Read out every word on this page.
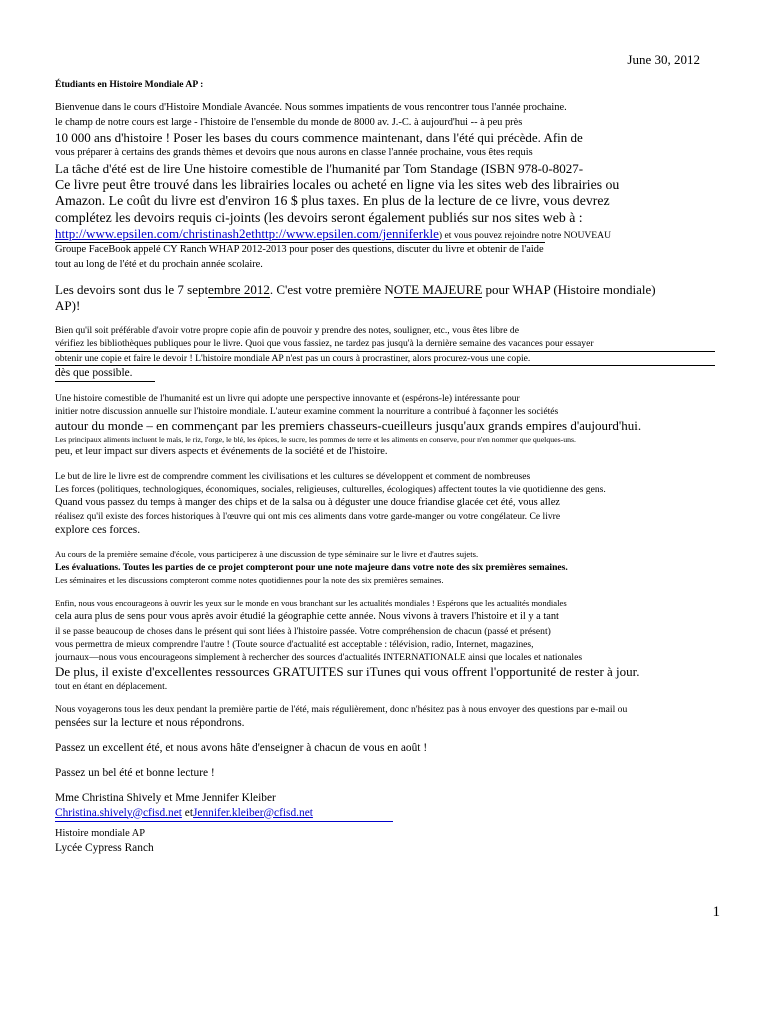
June 30, 2012
Étudiants en Histoire Mondiale AP :
Bienvenue dans le cours d'Histoire Mondiale Avancée. Nous sommes impatients de vous rencontrer tous l'année prochaine.
le champ de notre cours est large - l'histoire de l'ensemble du monde de 8000 av. J.-C. à aujourd'hui -- à peu près
10 000 ans d'histoire ! Poser les bases du cours commence maintenant, dans l'été qui précède. Afin de
vous préparer à certains des grands thèmes et devoirs que nous aurons en classe l'année prochaine, vous êtes requis
La tâche d'été est de lire Une histoire comestible de l'humanité par Tom Standage (ISBN 978-0-8027-
Ce livre peut être trouvé dans les librairies locales ou acheté en ligne via les sites web des librairies ou
Amazon. Le coût du livre est d'environ 16 $ plus taxes. En plus de la lecture de ce livre, vous devrez
complétez les devoirs requis ci-joints (les devoirs seront également publiés sur nos sites web à :
http://www.epsilen.com/christinash2ethttp://www.epsilen.com/jenniferkle) et vous pouvez rejoindre notre NOUVEAU
Groupe FaceBook appelé CY Ranch WHAP 2012-2013 pour poser des questions, discuter du livre et obtenir de l'aide
tout au long de l'été et du prochain année scolaire.
Les devoirs sont dus le 7 septembre 2012. C'est votre première NOTE MAJEURE pour WHAP (Histoire mondiale)
AP)!
Bien qu'il soit préférable d'avoir votre propre copie afin de pouvoir y prendre des notes, souligner, etc., vous êtes libre de
vérifiez les bibliothèques publiques pour le livre. Quoi que vous fassiez, ne tardez pas jusqu'à la dernière semaine des vacances pour essayer
obtenir une copie et faire le devoir ! L'histoire mondiale AP n'est pas un cours à procrastiner, alors procurez-vous une copie.
dès que possible.
Une histoire comestible de l'humanité est un livre qui adopte une perspective innovante et (espérons-le) intéressante pour
initier notre discussion annuelle sur l'histoire mondiale. L'auteur examine comment la nourriture a contribué à façonner les sociétés
autour du monde – en commençant par les premiers chasseurs-cueilleurs jusqu'aux grands empires d'aujourd'hui.
Les principaux aliments incluent le maïs, le riz, l'orge, le blé, les épices, le sucre, les pommes de terre et les aliments en conserve, pour n'en nommer que quelques-uns.
peu, et leur impact sur divers aspects et événements de la société et de l'histoire.
Le but de lire le livre est de comprendre comment les civilisations et les cultures se développent et comment de nombreuses
Les forces (politiques, technologiques, économiques, sociales, religieuses, culturelles, écologiques) affectent toutes la vie quotidienne des gens.
Quand vous passez du temps à manger des chips et de la salsa ou à déguster une douce friandise glacée cet été, vous allez
réalisez qu'il existe des forces historiques à l'œuvre qui ont mis ces aliments dans votre garde-manger ou votre congélateur. Ce livre
explore ces forces.
Au cours de la première semaine d'école, vous participerez à une discussion de type séminaire sur le livre et d'autres sujets.
Les évaluations. Toutes les parties de ce projet compteront pour une note majeure dans votre note des six premières semaines.
Les séminaires et les discussions compteront comme notes quotidiennes pour la note des six premières semaines.
Enfin, nous vous encourageons à ouvrir les yeux sur le monde en vous branchant sur les actualités mondiales ! Espérons que les actualités mondiales
cela aura plus de sens pour vous après avoir étudié la géographie cette année. Nous vivons à travers l'histoire et il y a tant
il se passe beaucoup de choses dans le présent qui sont liées à l'histoire passée. Votre compréhension de chacun (passé et présent)
vous permettra de mieux comprendre l'autre ! (Toute source d'actualité est acceptable : télévision, radio, Internet, magazines,
journaux—nous vous encourageons simplement à rechercher des sources d'actualités INTERNATIONALE ainsi que locales et nationales
De plus, il existe d'excellentes ressources GRATUITES sur iTunes qui vous offrent l'opportunité de rester à jour.
tout en étant en déplacement.
Nous voyagerons tous les deux pendant la première partie de l'été, mais régulièrement, donc n'hésitez pas à nous envoyer des questions par e-mail ou
pensées sur la lecture et nous répondrons.
Passez un excellent été, et nous avons hâte d'enseigner à chacun de vous en août !
Passez un bel été et bonne lecture !
Mme Christina Shively et Mme Jennifer Kleiber
Christina.shively@cfisd.net etJennifer.kleiber@cfisd.net
Histoire mondiale AP
Lycée Cypress Ranch
1
